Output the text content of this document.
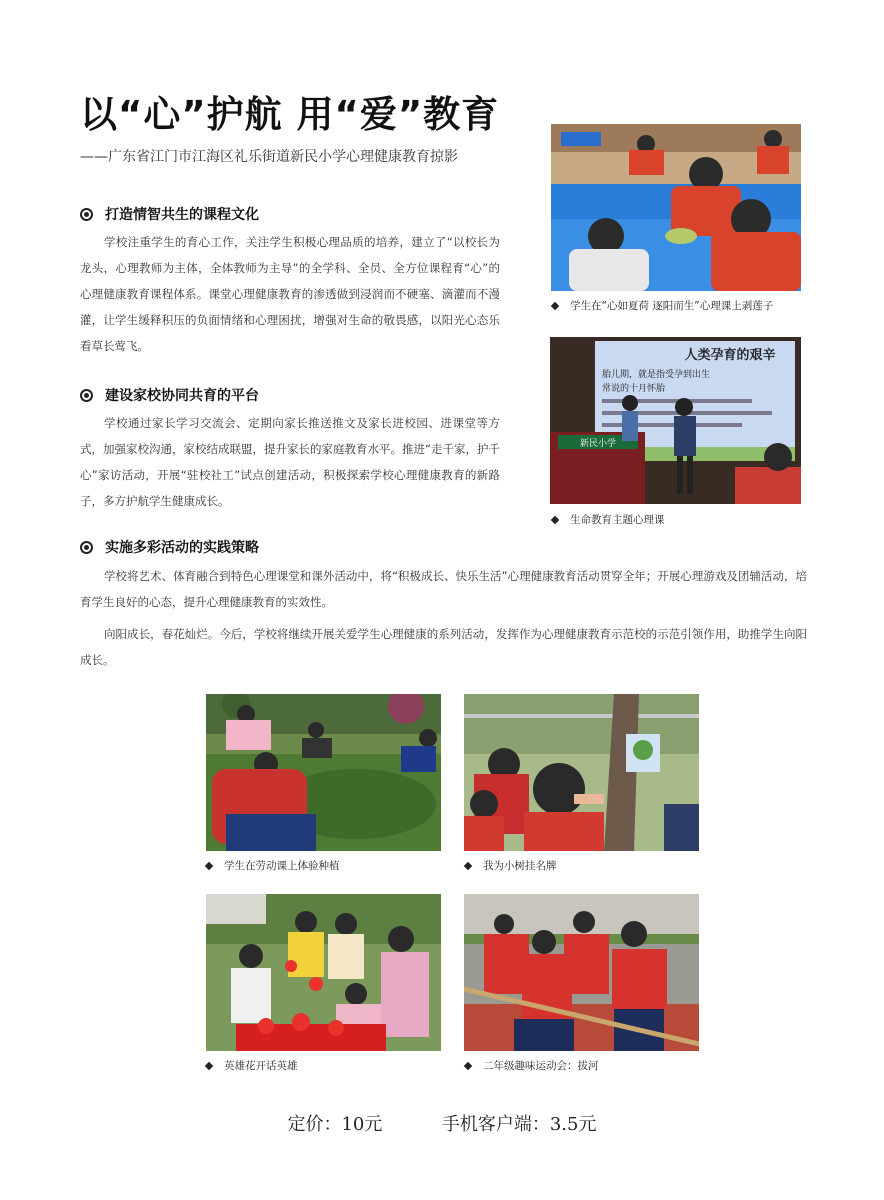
以“心”护航 用“爱”教育
——广东省江门市江海区礼乐街道新民小学心理健康教育掠影
打造情智共生的课程文化

学校注重学生的育心工作，关注学生积极心理品质的培养，建立了“以校长为龙头，心理教师为主体，全体教师为主导”的全学科、全员、全方位课程育“心”的心理健康教育课程体系。课堂心理健康教育的渗透做到浸润而不硬塞、滴灌而不漫灌，让学生缓释积压的负面情绪和心理困扰，增强对生命的敬畏感，以阳光心态乐看草长莺飞。

建设家校协同共育的平台

学校通过家长学习交流会、定期向家长推送推文及家长进校园、进课堂等方式，加强家校沟通，家校结成联盟，提升家长的家庭教育水平。推进“走千家，护千心”家访活动，开展“驻校社工”试点创建活动，积极探索学校心理健康教育的新路子，多方护航学生健康成长。

实施多彩活动的实践策略

学校将艺术、体育融合到特色心理课堂和课外活动中，将“积极成长、快乐生活”心理健康教育活动贯穿全年；开展心理游戏及团辅活动，培育学生良好的心态，提升心理健康教育的实效性。

向阳成长，春花灿烂。今后，学校将继续开展关爱学生心理健康的系列活动，发挥作为心理健康教育示范校的示范引领作用，助推学生向阳成长。

学生在“心如夏荷 逐阳而生”心理课上剥莲子
人类孕育的艰辛
胎儿期，就是指受孕到出生
常说的十月怀胎
新民小学
生命教育主题心理课
学生在劳动课上体验种植	我为小树挂名牌
英雄花开话英雄	二年级趣味运动会：拔河
定价：10元	手机客户端：3.5元
